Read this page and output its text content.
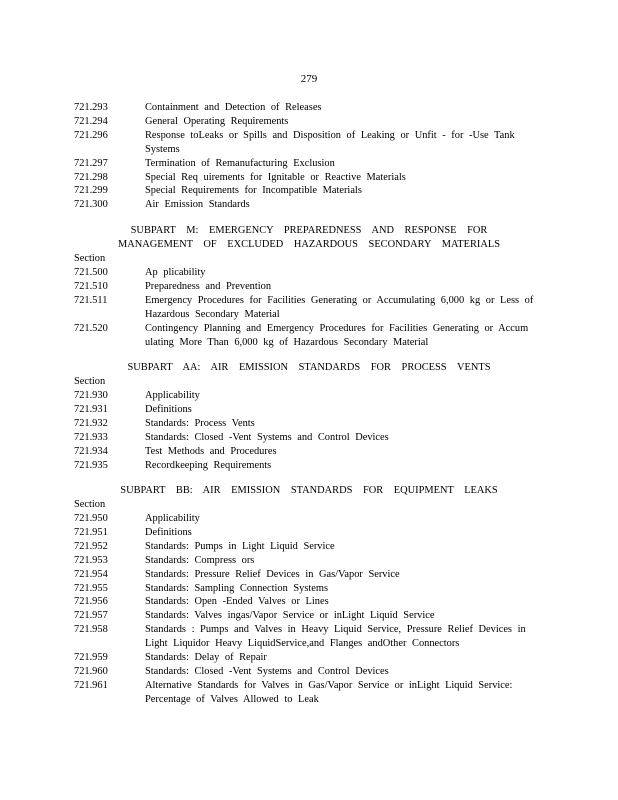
279
721.293	Containment and Detection of Releases
721.294	General Operating Requirements
721.296	Response toLeaks or Spills and Disposition of Leaking or Unfit - for -Use Tank Systems
721.297	Termination of Remanufacturing Exclusion
721.298	Special Req uirements for Ignitable or Reactive Materials
721.299	Special Requirements for Incompatible Materials
721.300	Air Emission Standards
SUBPART M: EMERGENCY PREPAREDNESS AND RESPONSE FOR
MANAGEMENT OF EXCLUDED HAZARDOUS SECONDARY MATERIALS
Section
721.500	Ap plicability
721.510	Preparedness and Prevention
721.511	Emergency Procedures for Facilities Generating or Accumulating 6,000 kg or Less of Hazardous Secondary Material
721.520	Contingency Planning and Emergency Procedures for Facilities Generating or Accum ulating More Than 6,000 kg of Hazardous Secondary Material
SUBPART AA: AIR EMISSION STANDARDS FOR PROCESS VENTS
Section
721.930	Applicability
721.931	Definitions
721.932	Standards: Process Vents
721.933	Standards: Closed -Vent Systems and Control Devices
721.934	Test Methods and Procedures
721.935	Recordkeeping Requirements
SUBPART BB: AIR EMISSION STANDARDS FOR EQUIPMENT LEAKS
Section
721.950	Applicability
721.951	Definitions
721.952	Standards: Pumps in Light Liquid Service
721.953	Standards: Compress ors
721.954	Standards: Pressure Relief Devices in Gas/Vapor Service
721.955	Standards: Sampling Connection Systems
721.956	Standards: Open -Ended Valves or Lines
721.957	Standards: Valves ingas/Vapor Service or inLight Liquid Service
721.958	Standards : Pumps and Valves in Heavy Liquid Service, Pressure Relief Devices in Light Liquidor Heavy LiquidService,and Flanges andOther Connectors
721.959	Standards: Delay of Repair
721.960	Standards: Closed -Vent Systems and Control Devices
721.961	Alternative Standards for Valves in Gas/Vapor Service or inLight Liquid Service: Percentage of Valves Allowed to Leak
